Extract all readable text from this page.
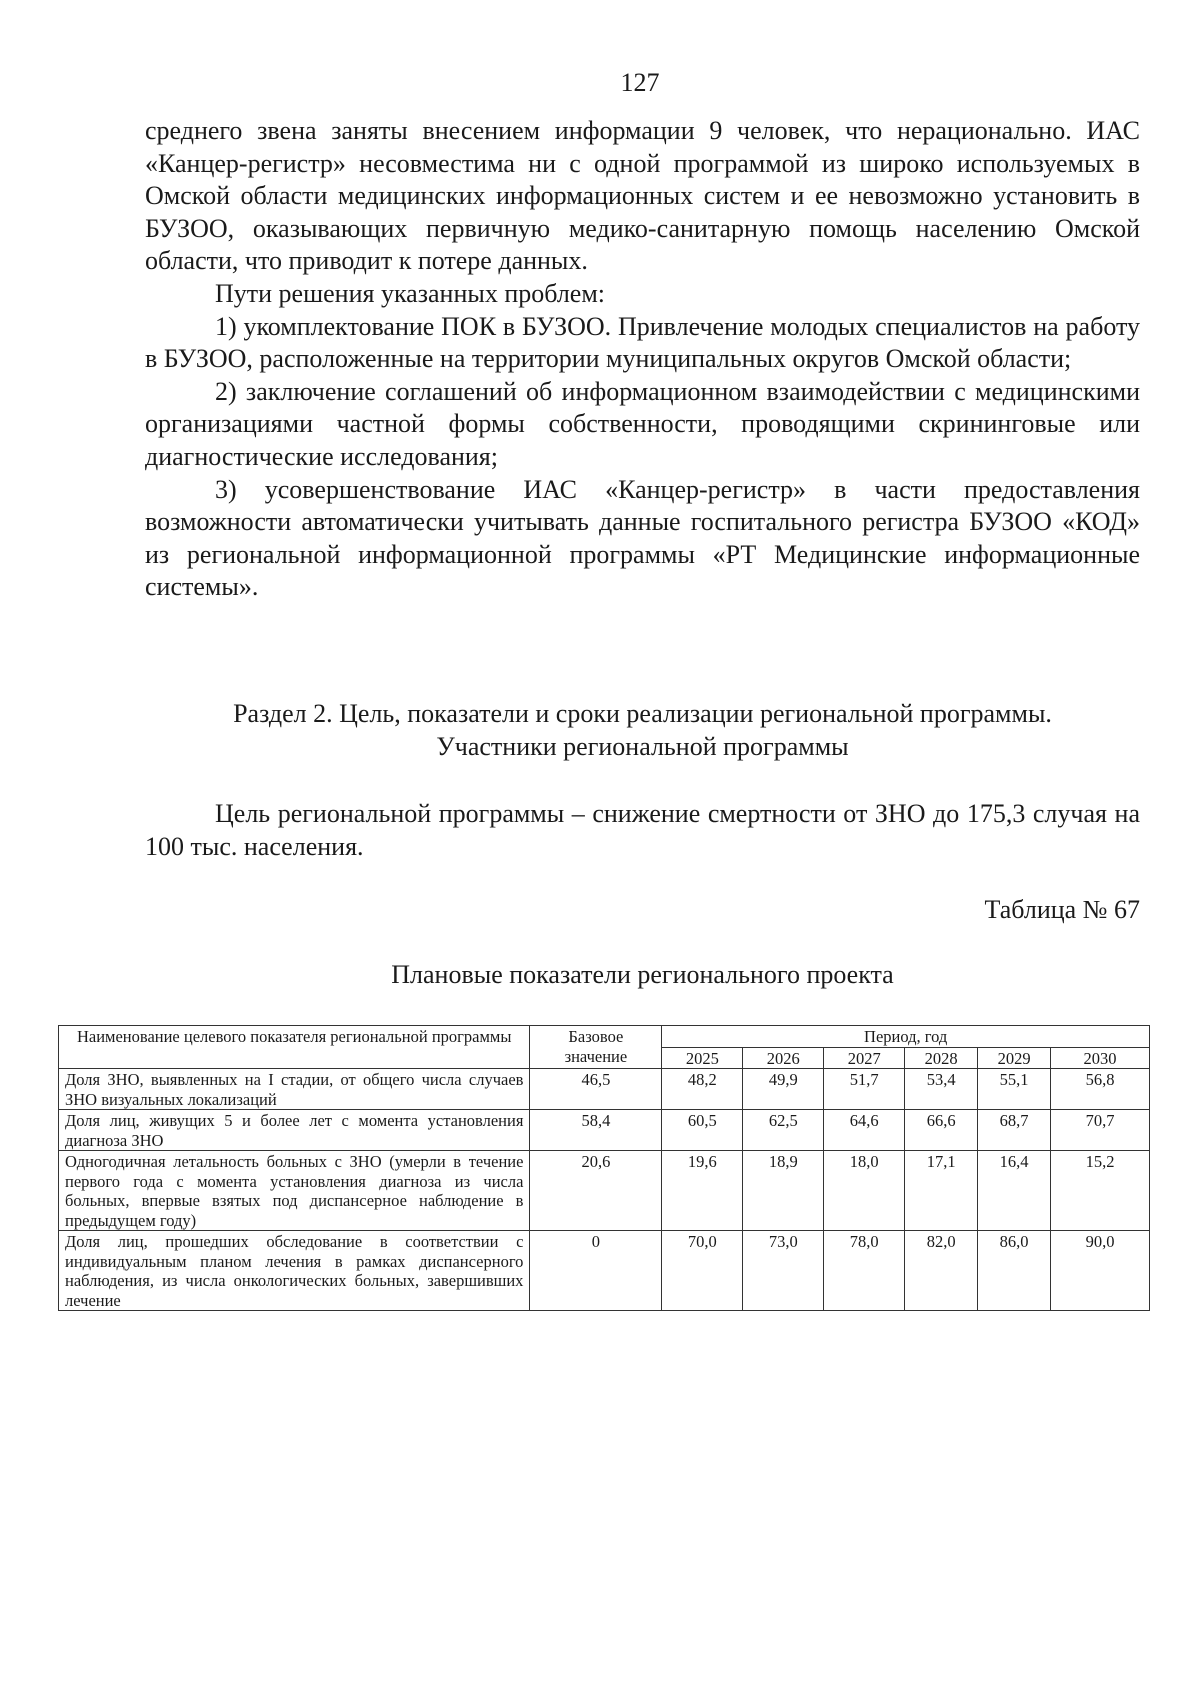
127

среднего звена заняты внесением информации 9 человек, что нерационально. ИАС «Канцер-регистр» несовместима ни с одной программой из широко используемых в Омской области медицинских информационных систем и ее невозможно установить в БУЗОО, оказывающих первичную медико-санитарную помощь населению Омской области, что приводит к потере данных.

Пути решения указанных проблем:

1) укомплектование ПОК в БУЗОО. Привлечение молодых специалистов на работу в БУЗОО, расположенные на территории муниципальных округов Омской области;

2) заключение соглашений об информационном взаимодействии с медицинскими организациями частной формы собственности, проводящими скрининговые или диагностические исследования;

3) усовершенствование ИАС «Канцер-регистр» в части предоставления возможности автоматически учитывать данные госпитального регистра БУЗОО «КОД» из региональной информационной программы «РТ Медицинские информационные системы».

Раздел 2. Цель, показатели и сроки реализации региональной программы.
Участники региональной программы

Цель региональной программы – снижение смертности от ЗНО до 175,3 случая на 100 тыс. населения.

Таблица № 67
Плановые показатели регионального проекта
Наименование целевого показателя региональной программы	Базовое значение	Период, год					
		2025	2026	2027	2028	2029	2030
Доля ЗНО, выявленных на I стадии, от общего числа случаев ЗНО визуальных локализаций	46,5	48,2	49,9	51,7	53,4	55,1	56,8
Доля лиц, живущих 5 и более лет с момента установления диагноза ЗНО	58,4	60,5	62,5	64,6	66,6	68,7	70,7
Одногодичная летальность больных с ЗНО (умерли в течение первого года с момента установления диагноза из числа больных, впервые взятых под диспансерное наблюдение в предыдущем году)	20,6	19,6	18,9	18,0	17,1	16,4	15,2
Доля лиц, прошедших обследование в соответствии с индивидуальным планом лечения в рамках диспансерного наблюдения, из числа онкологических больных, завершивших лечение	0	70,0	73,0	78,0	82,0	86,0	90,0
